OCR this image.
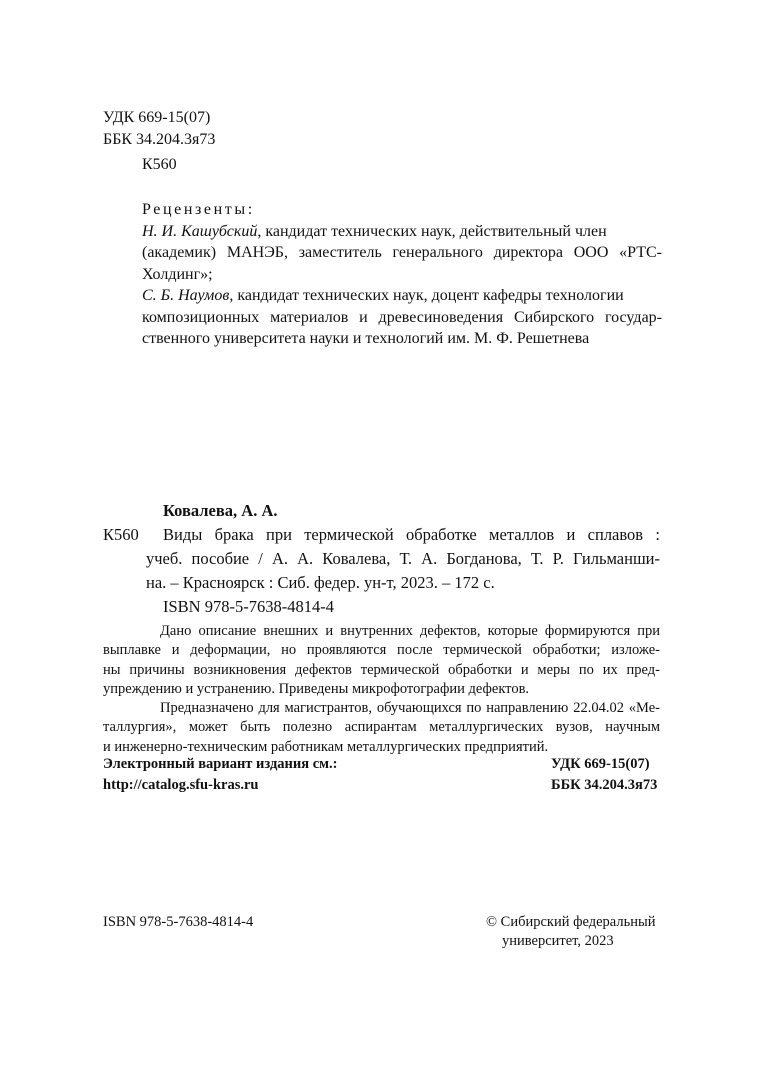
УДК 669-15(07)
ББК 34.204.3я73
К560
Рецензенты:
Н. И. Кашубский, кандидат технических наук, действительный член
(академик) МАНЭБ, заместитель генерального директора ООО «РТС-
Холдинг»;
С. Б. Наумов, кандидат технических наук, доцент кафедры технологии
композиционных материалов и древесиноведения Сибирского государ-
ственного университета науки и технологий им. М. Ф. Решетнева
Ковалева, А. А.
К560 Виды брака при термической обработке металлов и сплавов :
учеб. пособие / А. А. Ковалева, Т. А. Богданова, Т. Р. Гильманши-
на. – Красноярск : Сиб. федер. ун-т, 2023. – 172 с.
ISBN 978-5-7638-4814-4
Дано описание внешних и внутренних дефектов, которые формируются при
выплавке и деформации, но проявляются после термической обработки; изложе-
ны причины возникновения дефектов термической обработки и меры по их пред-
упреждению и устранению. Приведены микрофотографии дефектов.
Предназначено для магистрантов, обучающихся по направлению 22.04.02 «Ме-
таллургия», может быть полезно аспирантам металлургических вузов, научным
и инженерно-техническим работникам металлургических предприятий.
Электронный вариант издания см.:
http://catalog.sfu-kras.ru
УДК 669-15(07)
ББК 34.204.3я73
ISBN 978-5-7638-4814-4	© Сибирский федеральный
университет, 2023
